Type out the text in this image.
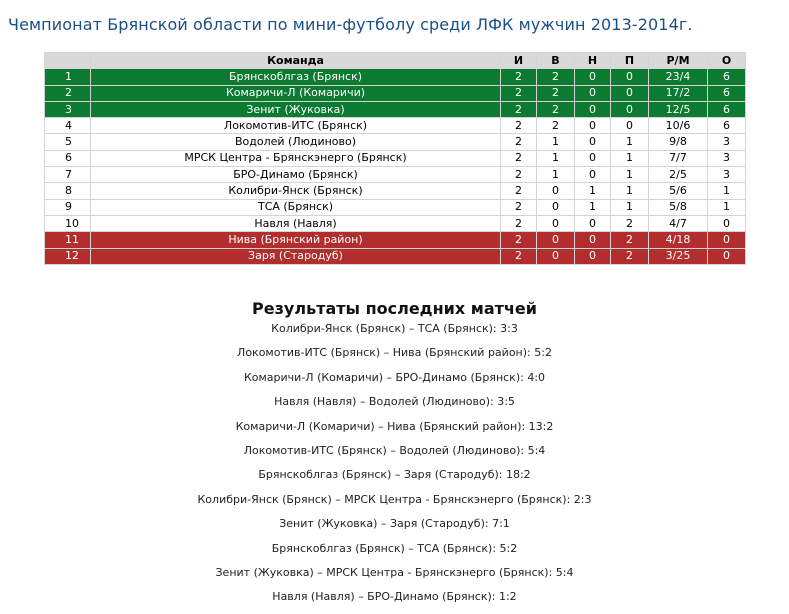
Чемпионат Брянской области по мини-футболу среди ЛФК мужчин 2013-2014г.
	Команда	И	В	Н	П	Р/М	О
1	Брянскоблгаз (Брянск)	2	2	0	0	23/4	6
2	Комаричи-Л (Комаричи)	2	2	0	0	17/2	6
3	Зенит (Жуковка)	2	2	0	0	12/5	6
4	Локомотив-ИТС (Брянск)	2	2	0	0	10/6	6
5	Водолей (Людиново)	2	1	0	1	9/8	3
6	МРСК Центра - Брянскэнерго (Брянск)	2	1	0	1	7/7	3
7	БРО-Динамо (Брянск)	2	1	0	1	2/5	3
8	Колибри-Янск (Брянск)	2	0	1	1	5/6	1
9	ТСА (Брянск)	2	0	1	1	5/8	1
10	Навля (Навля)	2	0	0	2	4/7	0
11	Нива (Брянский район)	2	0	0	2	4/18	0
12	Заря (Стародуб)	2	0	0	2	3/25	0
Результаты последних матчей
Колибри-Янск (Брянск) – ТСА (Брянск): 3:3
Локомотив-ИТС (Брянск) – Нива (Брянский район): 5:2
Комаричи-Л (Комаричи) – БРО-Динамо (Брянск): 4:0
Навля (Навля) – Водолей (Людиново): 3:5
Комаричи-Л (Комаричи) – Нива (Брянский район): 13:2
Локомотив-ИТС (Брянск) – Водолей (Людиново): 5:4
Брянскоблгаз (Брянск) – Заря (Стародуб): 18:2
Колибри-Янск (Брянск) – МРСК Центра - Брянскэнерго (Брянск): 2:3
Зенит (Жуковка) – Заря (Стародуб): 7:1
Брянскоблгаз (Брянск) – ТСА (Брянск): 5:2
Зенит (Жуковка) – МРСК Центра - Брянскэнерго (Брянск): 5:4
Навля (Навля) – БРО-Динамо (Брянск): 1:2
